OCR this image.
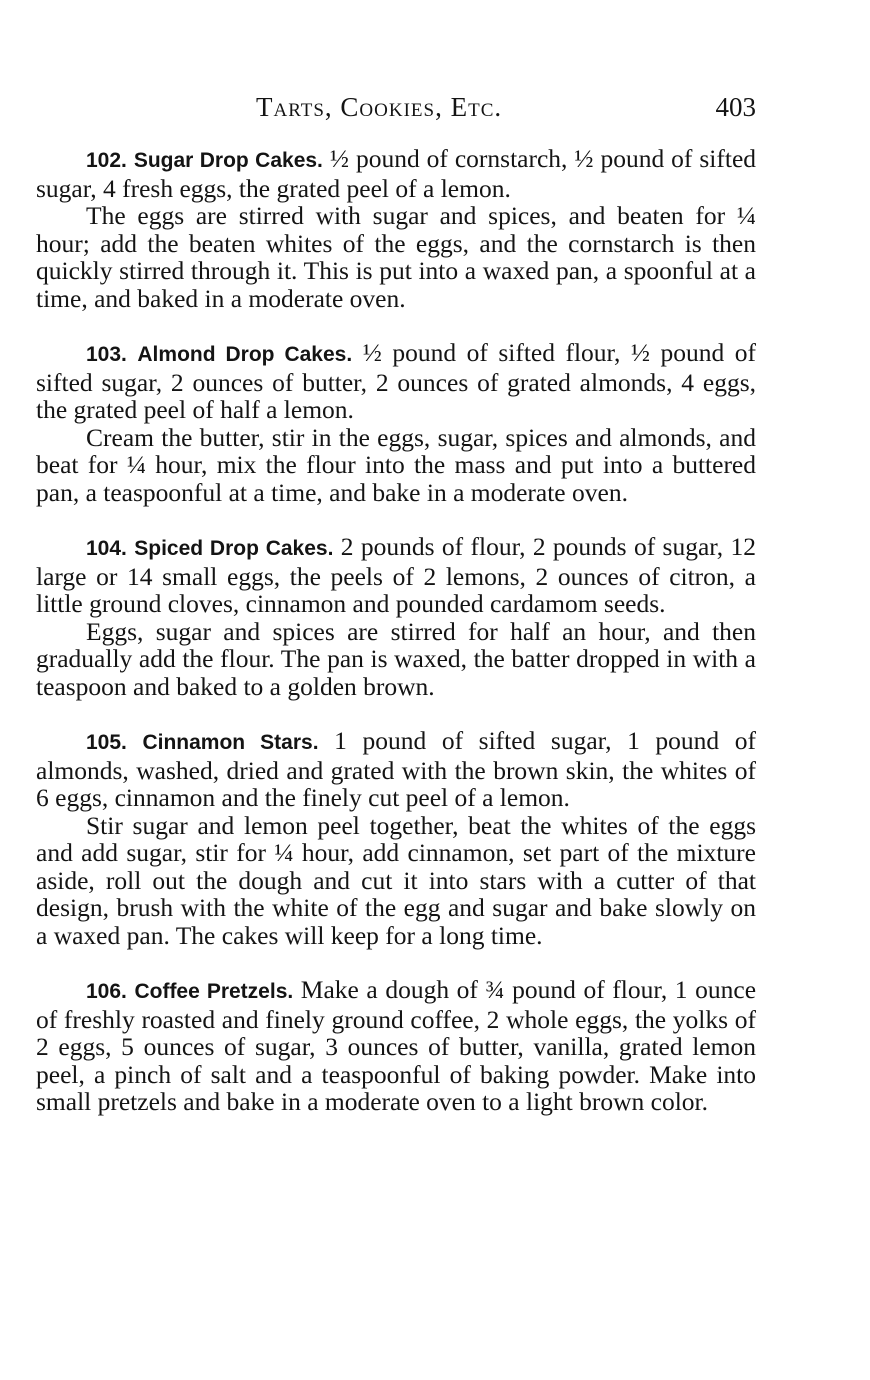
Tarts, Cookies, Etc.	403

102. Sugar Drop Cakes. ½ pound of cornstarch, ½ pound of sifted sugar, 4 fresh eggs, the grated peel of a lemon.

The eggs are stirred with sugar and spices, and beaten for ¼ hour; add the beaten whites of the eggs, and the cornstarch is then quickly stirred through it. This is put into a waxed pan, a spoonful at a time, and baked in a moderate oven.

103. Almond Drop Cakes. ½ pound of sifted flour, ½ pound of sifted sugar, 2 ounces of butter, 2 ounces of grated almonds, 4 eggs, the grated peel of half a lemon.

Cream the butter, stir in the eggs, sugar, spices and almonds, and beat for ¼ hour, mix the flour into the mass and put into a buttered pan, a teaspoonful at a time, and bake in a moderate oven.

104. Spiced Drop Cakes. 2 pounds of flour, 2 pounds of sugar, 12 large or 14 small eggs, the peels of 2 lemons, 2 ounces of citron, a little ground cloves, cinnamon and pounded cardamom seeds.

Eggs, sugar and spices are stirred for half an hour, and then gradually add the flour. The pan is waxed, the batter dropped in with a teaspoon and baked to a golden brown.

105. Cinnamon Stars. 1 pound of sifted sugar, 1 pound of almonds, washed, dried and grated with the brown skin, the whites of 6 eggs, cinnamon and the finely cut peel of a lemon.

Stir sugar and lemon peel together, beat the whites of the eggs and add sugar, stir for ¼ hour, add cinnamon, set part of the mixture aside, roll out the dough and cut it into stars with a cutter of that design, brush with the white of the egg and sugar and bake slowly on a waxed pan. The cakes will keep for a long time.

106. Coffee Pretzels. Make a dough of ¾ pound of flour, 1 ounce of freshly roasted and finely ground coffee, 2 whole eggs, the yolks of 2 eggs, 5 ounces of sugar, 3 ounces of butter, vanilla, grated lemon peel, a pinch of salt and a teaspoonful of baking powder. Make into small pretzels and bake in a moderate oven to a light brown color.
